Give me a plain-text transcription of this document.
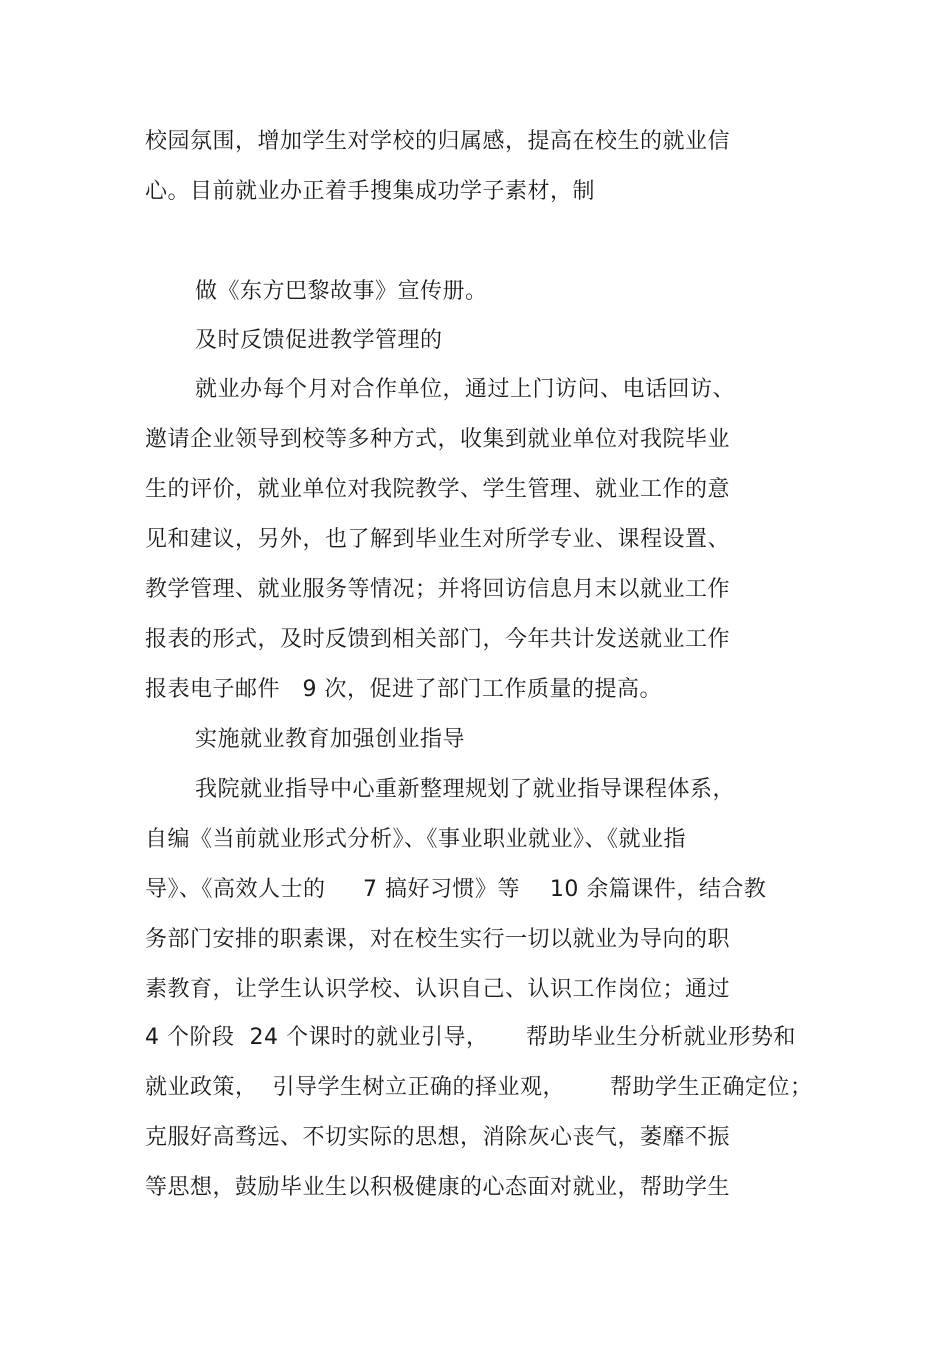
校园氛围，增加学生对学校的归属感，提高在校生的就业信
心。目前就业办正着手搜集成功学子素材，制
做《东方巴黎故事》宣传册。
及时反馈促进教学管理的
就业办每个月对合作单位，通过上门访问、电话回访、
邀请企业领导到校等多种方式，收集到就业单位对我院毕业
生的评价，就业单位对我院教学、学生管理、就业工作的意
见和建议，另外，也了解到毕业生对所学专业、课程设置、
教学管理、就业服务等情况；并将回访信息月末以就业工作
报表的形式，及时反馈到相关部门，今年共计发送就业工作
报表电子邮件   9 次，促进了部门工作质量的提高。
实施就业教育加强创业指导
我院就业指导中心重新整理规划了就业指导课程体系，
自编《当前就业形式分析》、《事业职业就业》、《就业指
导》、《高效人士的     7 搞好习惯》等    10 余篇课件，结合教
务部门安排的职素课，对在校生实行一切以就业为导向的职
素教育，让学生认识学校、认识自己、认识工作岗位；通过
4 个阶段  24 个课时的就业引导，     帮助毕业生分析就业形势和
就业政策，  引导学生树立正确的择业观，      帮助学生正确定位；
克服好高骛远、不切实际的思想，消除灰心丧气，萎靡不振
等思想，鼓励毕业生以积极健康的心态面对就业，帮助学生
